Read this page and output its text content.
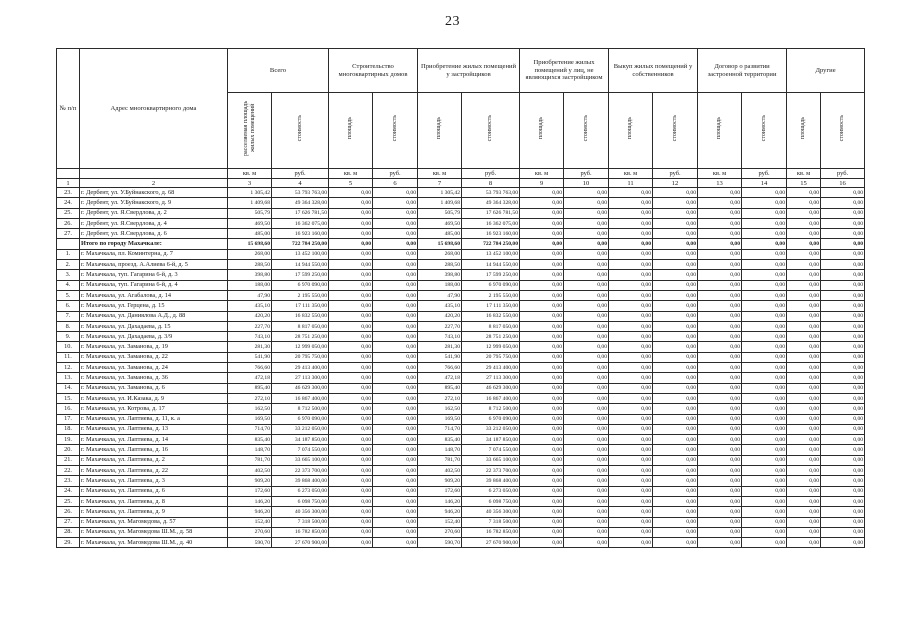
23
№ п/п	Адрес многоквартирного дома	Всего		Строительство многоквартирных домов		Приобретение жилых помещений у застройщиков		Приобретение жилых помещений у лиц, не являющихся застройщиком		Выкуп жилых помещений у собственников		Договор о развитии застроенной территории		Другие	
		расселяемая площадь жилых помещений	стоимость	площадь	стоимость	площадь	стоимость	площадь	стоимость	площадь	стоимость	площадь	стоимость	площадь	стоимость
		кв. м	руб.	кв. м	руб.	кв. м	руб.	кв. м	руб.	кв. м	руб.	кв. м	руб.	кв. м	руб.
1	2	3	4	5	6	7	8	9	10	11	12	13	14	15	16
23.	г. Дербент, ул. У.Буйнакского, д. 68	1 305,42	53 793 763,00	0,00	0,00	1 305,42	53 793 763,00	0,00	0,00	0,00	0,00	0,00	0,00	0,00	0,00
24.	г. Дербент, ул. У.Буйнакского, д. 9	1 409,68	49 364 328,00	0,00	0,00	1 409,68	49 364 328,00	0,00	0,00	0,00	0,00	0,00	0,00	0,00	0,00
25.	г. Дербент, ул. Я.Свердлова, д. 2	505,79	17 626 781,50	0,00	0,00	505,79	17 626 781,50	0,00	0,00	0,00	0,00	0,00	0,00	0,00	0,00
26.	г. Дербент, ул. Я.Свердлова, д. 4	469,50	16 362 075,00	0,00	0,00	469,50	16 362 075,00	0,00	0,00	0,00	0,00	0,00	0,00	0,00	0,00
27.	г. Дербент, ул. Я.Свердлова, д. 6	485,00	16 923 160,00	0,00	0,00	485,00	16 923 160,00	0,00	0,00	0,00	0,00	0,00	0,00	0,00	0,00
	Итого по городу Махачкале:	15 698,60	722 784 250,00	0,00	0,00	15 698,60	722 784 250,00	0,00	0,00	0,00	0,00	0,00	0,00	0,00	0,00
1.	г. Махачкала, пл. Коминтерна, д. 7	268,00	13 452 100,00	0,00	0,00	268,00	13 452 100,00	0,00	0,00	0,00	0,00	0,00	0,00	0,00	0,00
2.	г. Махачкала, проезд. А.Алиева 6-й, д. 5	288,50	14 944 550,00	0,00	0,00	288,50	14 944 550,00	0,00	0,00	0,00	0,00	0,00	0,00	0,00	0,00
3.	г. Махачкала, туп. Гагарина 6-й, д. 3	398,80	17 599 250,00	0,00	0,00	398,80	17 599 250,00	0,00	0,00	0,00	0,00	0,00	0,00	0,00	0,00
4.	г. Махачкала, туп. Гагарина 6-й, д. 4	188,00	6 970 090,00	0,00	0,00	188,00	6 970 090,00	0,00	0,00	0,00	0,00	0,00	0,00	0,00	0,00
5.	г. Махачкала, ул. Агабалова, д. 14	47,90	2 195 550,00	0,00	0,00	47,90	2 195 550,00	0,00	0,00	0,00	0,00	0,00	0,00	0,00	0,00
6.	г. Махачкала, ул. Герцена, д. 15	435,10	17 111 350,00	0,00	0,00	435,10	17 111 350,00	0,00	0,00	0,00	0,00	0,00	0,00	0,00	0,00
7.	г. Махачкала, ул. Даниялова А.Д., д. 88	420,20	16 832 550,00	0,00	0,00	420,20	16 832 550,00	0,00	0,00	0,00	0,00	0,00	0,00	0,00	0,00
8.	г. Махачкала, ул. Дахадаева, д. 15	227,70	8 817 050,00	0,00	0,00	227,70	8 817 050,00	0,00	0,00	0,00	0,00	0,00	0,00	0,00	0,00
9.	г. Махачкала, ул. Дахадаева, д. 3/9	743,10	28 751 250,00	0,00	0,00	743,10	28 751 250,00	0,00	0,00	0,00	0,00	0,00	0,00	0,00	0,00
10.	г. Махачкала, ул. Заманова, д. 19	281,30	12 999 050,00	0,00	0,00	281,30	12 999 050,00	0,00	0,00	0,00	0,00	0,00	0,00	0,00	0,00
11.	г. Махачкала, ул. Заманова, д. 22	541,90	20 795 750,00	0,00	0,00	541,90	20 795 750,00	0,00	0,00	0,00	0,00	0,00	0,00	0,00	0,00
12.	г. Махачкала, ул. Заманова, д. 24	766,60	29 413 400,00	0,00	0,00	766,60	29 413 400,00	0,00	0,00	0,00	0,00	0,00	0,00	0,00	0,00
13.	г. Махачкала, ул. Заманова, д. 36	472,18	27 113 300,00	0,00	0,00	472,18	27 113 300,00	0,00	0,00	0,00	0,00	0,00	0,00	0,00	0,00
14.	г. Махачкала, ул. Заманова, д. 6	895,40	46 629 300,00	0,00	0,00	895,40	46 629 300,00	0,00	0,00	0,00	0,00	0,00	0,00	0,00	0,00
15.	г. Махачкала, ул. И.Казака, д. 9	272,10	16 867 400,00	0,00	0,00	272,10	16 867 400,00	0,00	0,00	0,00	0,00	0,00	0,00	0,00	0,00
16.	г. Махачкала, ул. Котрова, д. 17	162,50	8 712 500,00	0,00	0,00	162,50	8 712 500,00	0,00	0,00	0,00	0,00	0,00	0,00	0,00	0,00
17.	г. Махачкала, ул. Лаптиева, д. 11, к. а	169,50	6 970 090,00	0,00	0,00	169,50	6 970 090,00	0,00	0,00	0,00	0,00	0,00	0,00	0,00	0,00
18.	г. Махачкала, ул. Лаптиева, д. 13	714,70	33 212 050,00	0,00	0,00	714,70	33 212 050,00	0,00	0,00	0,00	0,00	0,00	0,00	0,00	0,00
19.	г. Махачкала, ул. Лаптиева, д. 14	835,40	34 187 850,00	0,00	0,00	835,40	34 187 850,00	0,00	0,00	0,00	0,00	0,00	0,00	0,00	0,00
20.	г. Махачкала, ул. Лаптиева, д. 16	148,70	7 074 550,00	0,00	0,00	148,70	7 074 550,00	0,00	0,00	0,00	0,00	0,00	0,00	0,00	0,00
21.	г. Махачкала, ул. Лаптиева, д. 2	781,70	33 665 100,00	0,00	0,00	781,70	33 665 100,00	0,00	0,00	0,00	0,00	0,00	0,00	0,00	0,00
22.	г. Махачкала, ул. Лаптиева, д. 22	402,50	22 373 700,00	0,00	0,00	402,50	22 373 700,00	0,00	0,00	0,00	0,00	0,00	0,00	0,00	0,00
23.	г. Махачкала, ул. Лаптиева, д. 3	909,20	39 868 400,00	0,00	0,00	909,20	39 868 400,00	0,00	0,00	0,00	0,00	0,00	0,00	0,00	0,00
24.	г. Махачкала, ул. Лаптиева, д. 6	172,60	6 273 050,00	0,00	0,00	172,60	6 273 050,00	0,00	0,00	0,00	0,00	0,00	0,00	0,00	0,00
25.	г. Махачкала, ул. Лаптиева, д. 8	146,20	6 098 750,00	0,00	0,00	146,20	6 098 750,00	0,00	0,00	0,00	0,00	0,00	0,00	0,00	0,00
26.	г. Махачкала, ул. Лаптиева, д. 9	946,20	40 356 300,00	0,00	0,00	946,20	40 356 300,00	0,00	0,00	0,00	0,00	0,00	0,00	0,00	0,00
27.	г. Махачкала, ул. Магомедова, д. 57	152,40	7 318 500,00	0,00	0,00	152,40	7 318 500,00	0,00	0,00	0,00	0,00	0,00	0,00	0,00	0,00
28.	г. Махачкала, ул. Магомедова Ш.М., д. 58	270,60	16 782 850,00	0,00	0,00	270,60	16 782 850,00	0,00	0,00	0,00	0,00	0,00	0,00	0,00	0,00
29.	г. Махачкала, ул. Магомедова Ш.М., д. 40	590,70	27 670 900,00	0,00	0,00	590,70	27 670 900,00	0,00	0,00	0,00	0,00	0,00	0,00	0,00	0,00
